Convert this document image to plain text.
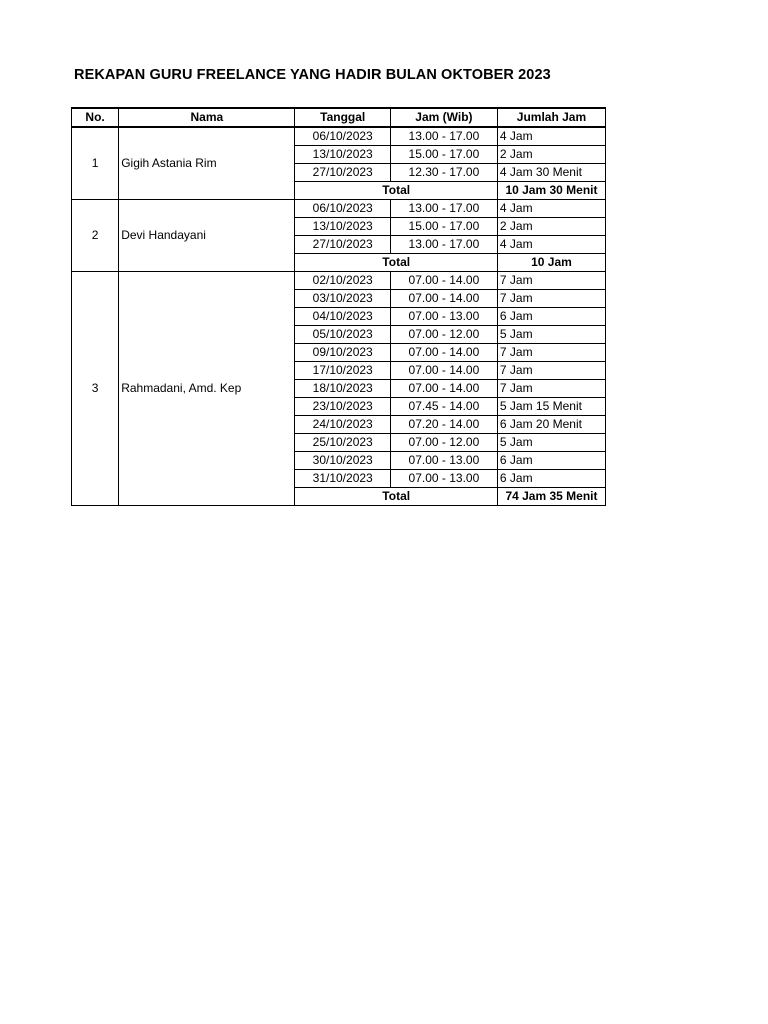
REKAPAN GURU FREELANCE YANG HADIR BULAN OKTOBER 2023
No.	Nama	Tanggal	Jam (Wib)	Jumlah Jam
1	Gigih Astania Rim	06/10/2023	13.00 - 17.00	4 Jam
		13/10/2023	15.00 - 17.00	2 Jam
		27/10/2023	12.30 - 17.00	4 Jam 30 Menit
		Total		10 Jam 30 Menit
2	Devi Handayani	06/10/2023	13.00 - 17.00	4 Jam
		13/10/2023	15.00 - 17.00	2 Jam
		27/10/2023	13.00 - 17.00	4 Jam
		Total		10 Jam
3	Rahmadani, Amd. Kep	02/10/2023	07.00 - 14.00	7 Jam
		03/10/2023	07.00 - 14.00	7 Jam
		04/10/2023	07.00 - 13.00	6 Jam
		05/10/2023	07.00 - 12.00	5 Jam
		09/10/2023	07.00 - 14.00	7 Jam
		17/10/2023	07.00 - 14.00	7 Jam
		18/10/2023	07.00 - 14.00	7 Jam
		23/10/2023	07.45 - 14.00	5 Jam 15 Menit
		24/10/2023	07.20 - 14.00	6 Jam 20 Menit
		25/10/2023	07.00 - 12.00	5 Jam
		30/10/2023	07.00 - 13.00	6 Jam
		31/10/2023	07.00 - 13.00	6 Jam
		Total		74 Jam 35 Menit
